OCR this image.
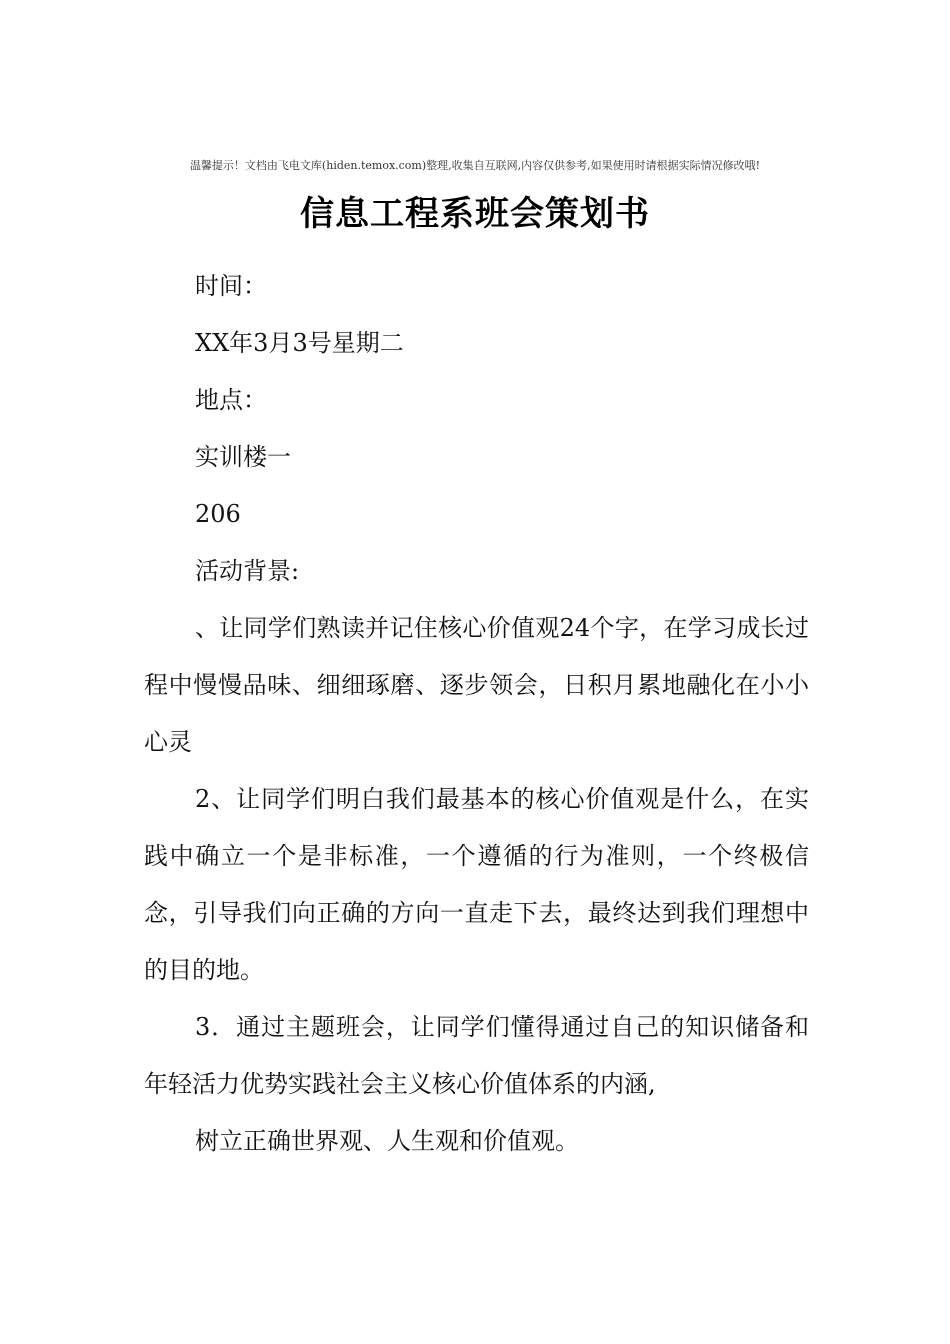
温馨提示！文档由飞电文库(hiden.temox.com)整理,收集自互联网,内容仅供参考,如果使用时请根据实际情况修改哦!
信息工程系班会策划书

时间：

XX年3月3号星期二

地点：

实训楼一

206

活动背景:

、让同学们熟读并记住核心价值观24个字，在学习成长过程中慢慢品味、细细琢磨、逐步领会，日积月累地融化在小小心灵

2、让同学们明白我们最基本的核心价值观是什么，在实践中确立一个是非标准，一个遵循的行为准则，一个终极信念，引导我们向正确的方向一直走下去，最终达到我们理想中的目的地。

3．通过主题班会，让同学们懂得通过自己的知识储备和年轻活力优势实践社会主义核心价值体系的内涵,

树立正确世界观、人生观和价值观。
